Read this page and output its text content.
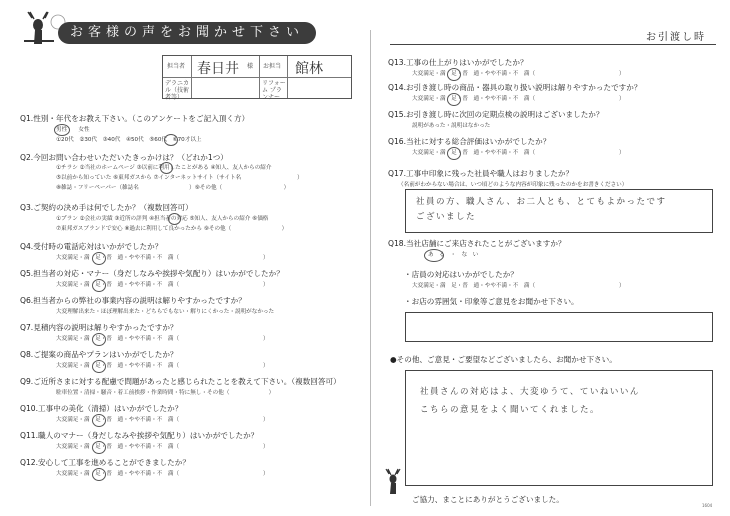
お客様の声をお聞かせ下さい
担当者
デラニカル（技術者等）
春日井 様 お担当
リフォーム プランナー
館林
お引渡し時
Q1.性別・年代をお教え下さい。（このアンケートをご記入頂く方）
男性　　女性
①20代　②30代　③40代　④50代　⑤60代　⑥70才以上
Q2.今回お問い合わせいただいたきっかけは？（どれか1つ）
①チラシ ②当社のホームページ ③以前に利用したことがある ④知人、友人からの紹介
⑤以前から知っていた ⑥東邦ガスから ⑦インターネットサイト（サイト名　　　　　　　　　　）
⑧雑誌・フリーペーパー（雑誌名　　　　　　　　　）⑨その他（　　　　　　　　　　　）
Q3.ご契約の決め手は何でしたか？（複数回答可）
①プラン ②会社の実績 ③近所の評判 ④担当者の対応 ⑤知人、友人からの紹介 ⑥価格
⑦東邦ガスブランドで安心 ⑧過去に利用して良かったから ⑨その他（　　　　　　　　　）
Q4.受付時の電話応対はいかがでしたか？
大変満足・満　足・普　通・やや不満・不　満（　　　　　　　　　　　　　　　）
Q5.担当者の対応・マナー（身だしなみや挨拶や気配り）はいかがでしたか？
大変満足・満　足・普　通・やや不満・不　満（　　　　　　　　　　　　　　　）
Q6.担当者からの弊社の事業内容の説明は解りやすかったですか？
大変理解出来た・ほぼ理解出来た・どちらでもない・解りにくかった・説明がなかった
Q7.見積内容の説明は解りやすかったですか？
大変満足・満　足・普　通・やや不満・不　満（　　　　　　　　　　　　　　　）
Q8.ご提案の商品やプランはいかがでしたか？
大変満足・満　足・普　通・やや不満・不　満（　　　　　　　　　　　　　　　）
Q9.ご近所さまに対する配慮で問題があったと感じられたことを教えて下さい。（複数回答可）
駐車位置・清掃・騒音・着工前挨拶・作業時間・特に無し・その他（　　　　　　　）
Q10.工事中の美化（清掃）はいかがでしたか？
大変満足・満　足・普　通・やや不満・不　満（　　　　　　　　　　　　　　　）
Q11.職人のマナー（身だしなみや挨拶や気配り）はいかがでしたか？
大変満足・満　足・普　通・やや不満・不　満（　　　　　　　　　　　　　　　）
Q12.安心して工事を進めることができましたか？
大変満足・満　足・普　通・やや不満・不　満（　　　　　　　　　　　　　　　）
Q13.工事の仕上がりはいかがでしたか？
大変満足・満　足・普　通・やや不満・不　満（　　　　　　　　　　　　　　　）
Q14.お引き渡し時の商品・器具の取り扱い説明は解りやすかったですか？
大変満足・満　足・普　通・やや不満・不　満（　　　　　　　　　　　　　　　）
Q15.お引き渡し時に次回の定期点検の説明はございましたか？
説明があった・説明はなかった
Q16.当社に対する総合評価はいかがでしたか？
大変満足・満　足・普　通・やや不満・不　満（　　　　　　　　　　　　　　　）
Q17.工事中印象に残った社員や職人はおりましたか？
（名前がわからない場合は、いつ頃どのような内容が印象に残ったのかをお書きください）
社員の方、職人さん、お二人とも、とてもよかったです
ございました
Q18.当社店舗にご来店されたことがございますか？
あ　る　・　な　い
・店員の対応はいかがでしたか？
大変満足・満　足・普　通・やや不満・不　満（　　　　　　　　　　　　　　　）
・お店の雰囲気・印象等ご意見をお聞かせ下さい。
●その他、ご意見・ご要望などございましたら、お聞かせ下さい。
社員さんの対応はよ、大変ゆうて、ていねいいん
こちらの意見をよく聞いてくれました。
ご協力、まことにありがとうございました。
1604
